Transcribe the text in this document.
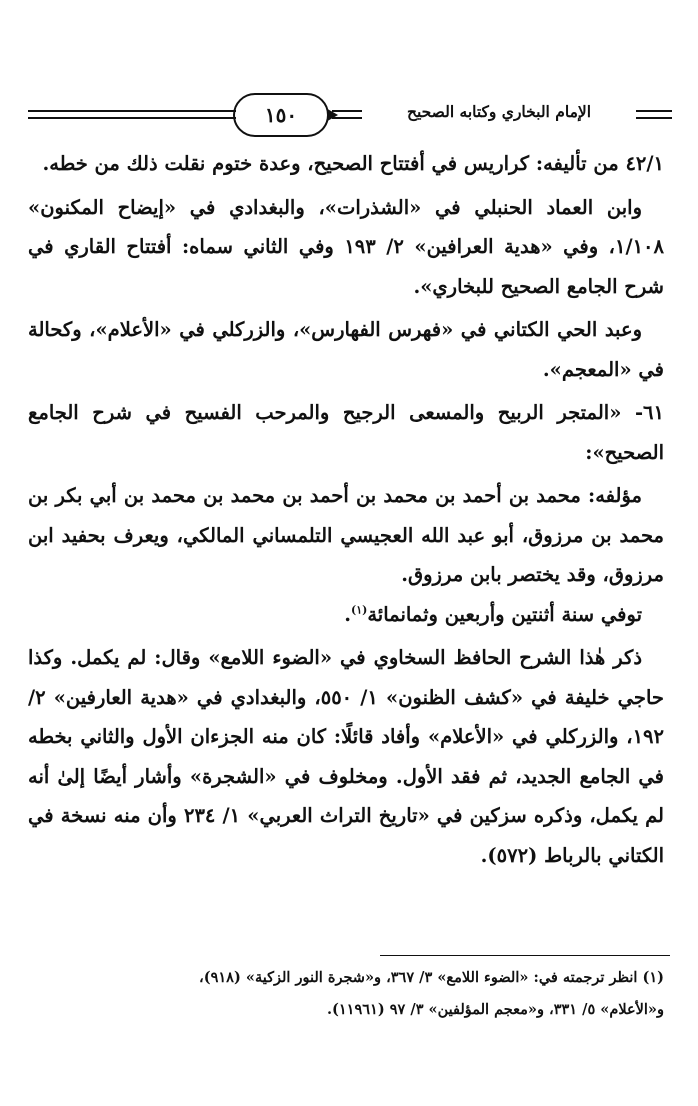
الإمام البخاري وكتابه الصحيح
١٥٠

٤٢/١ من تأليفه: كراريس في أفتتاح الصحيح، وعدة ختوم نقلت ذلك من خطه.

وابن العماد الحنبلي في «الشذرات»، والبغدادي في «إيضاح المكنون» ١/١٠٨، وفي «هدية العرافين» ٢/ ١٩٣ وفي الثاني سماه: أفتتاح القاري في شرح الجامع الصحيح للبخاري».

وعبد الحي الكتاني في «فهرس الفهارس»، والزركلي في «الأعلام»، وكحالة في «المعجم».

٦١- «المتجر الربيح والمسعى الرجيح والمرحب الفسيح في شرح الجامع الصحيح»:

مؤلفه: محمد بن أحمد بن محمد بن أحمد بن محمد بن محمد بن أبي بكر بن محمد بن مرزوق، أبو عبد الله العجيسي التلمساني المالكي، ويعرف بحفيد ابن مرزوق، وقد يختصر بابن مرزوق.

توفي سنة أثنتين وأربعين وثمانمائة$^{(١)}$.

ذكر هٰذا الشرح الحافظ السخاوي في «الضوء اللامع» وقال: لم يكمل. وكذا حاجي خليفة في «كشف الظنون» ١/ ٥٥٠، والبغدادي في «هدية العارفين» ٢/ ١٩٢، والزركلي في «الأعلام» وأفاد قائلًا: كان منه الجزءان الأول والثاني بخطه في الجامع الجديد، ثم فقد الأول. ومخلوف في «الشجرة» وأشار أيضًا إلىٰ أنه لم يكمل، وذكره سزكين في «تاريخ التراث العربي» ١/ ٢٣٤ وأن منه نسخة في الكتاني بالرباط (٥٧٢).

(١) انظر ترجمته في: «الضوء اللامع» ٣/ ٣٦٧، و«شجرة النور الزكية» (٩١٨)،

و«الأعلام» ٥/ ٣٣١، و«معجم المؤلفين» ٣/ ٩٧ (١١٩٦١).
